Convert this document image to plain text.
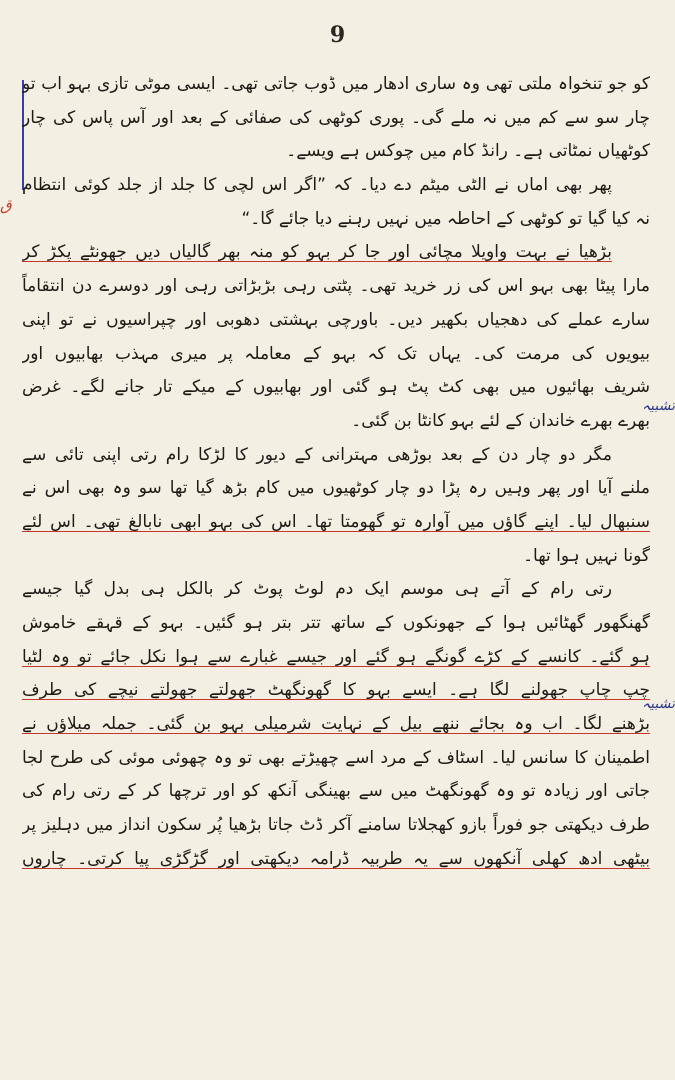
9
ق
تشبیہ
تشبیہ
کو جو تنخواہ ملتی تھی وہ ساری ادھار میں ڈوب جاتی تھی۔ ایسی موٹی تازی بہو اب تو
چار سو سے کم میں نہ ملے گی۔ پوری کوٹھی کی صفائی کے بعد اور آس پاس کی چار
کوٹھیاں نمٹاتی ہے۔ رانڈ کام میں چوکس ہے ویسے۔
پھر بھی اماں نے الٹی میٹم دے دیا۔ کہ ”اگر اس لچی کا جلد از جلد کوئی انتظام
نہ کیا گیا تو کوٹھی کے احاطہ میں نہیں رہنے دیا جائے گا۔“
بڑھیا نے بہت واویلا مچائی اور جا کر بہو کو منہ بھر گالیاں دیں جھونٹے پکڑ کر
مارا پیٹا بھی بہو اس کی زر خرید تھی۔ پٹتی رہی بڑبڑاتی رہی اور دوسرے دن انتقاماً
سارے عملے کی دھجیاں بکھیر دیں۔ باورچی بہشتی دھوبی اور چپراسیوں نے تو اپنی
بیویوں کی مرمت کی۔ یہاں تک کہ بہو کے معاملہ پر میری مہذب بھابیوں اور
شریف بھائیوں میں بھی کٹ پٹ ہو گئی اور بھابیوں کے میکے تار جانے لگے۔ غرض
بھرے بھرے خاندان کے لئے بہو کانٹا بن گئی۔
مگر دو چار دن کے بعد بوڑھی مہترانی کے دیور کا لڑکا رام رتی اپنی تائی سے
ملنے آیا اور پھر وہیں رہ پڑا دو چار کوٹھیوں میں کام بڑھ گیا تھا سو وہ بھی اس نے
سنبھال لیا۔ اپنے گاؤں میں آوارہ تو گھومتا تھا۔ اس کی بہو ابھی نابالغ تھی۔ اس لئے
گونا نہیں ہوا تھا۔
رتی رام کے آتے ہی موسم ایک دم لوٹ پوٹ کر بالکل ہی بدل گیا جیسے
گھنگھور گھٹائیں ہوا کے جھونکوں کے ساتھ تتر بتر ہو گئیں۔ بہو کے قہقے خاموش
ہو گئے۔ کانسے کے کڑے گونگے ہو گئے اور جیسے غبارے سے ہوا نکل جائے تو وہ لٹیا
چپ چاپ جھولنے لگا ہے۔ ایسے بہو کا گھونگھٹ جھولتے جھولتے نیچے کی طرف
بڑھنے لگا۔ اب وہ بجائے ننھے بیل کے نہایت شرمیلی بہو بن گئی۔ جملہ میلاؤں نے
اطمینان کا سانس لیا۔ اسٹاف کے مرد اسے چھیڑتے بھی تو وہ چھوئی موئی کی طرح لجا
جاتی اور زیادہ تو وہ گھونگھٹ میں سے بھینگی آنکھ کو اور ترچھا کر کے رتی رام کی
طرف دیکھتی جو فوراً بازو کھجلاتا سامنے آکر ڈٹ جاتا بڑھیا پُر سکون انداز میں دہلیز پر
بیٹھی ادھ کھلی آنکھوں سے یہ طربیہ ڈرامہ دیکھتی اور گڑگڑی پیا کرتی۔ چاروں
